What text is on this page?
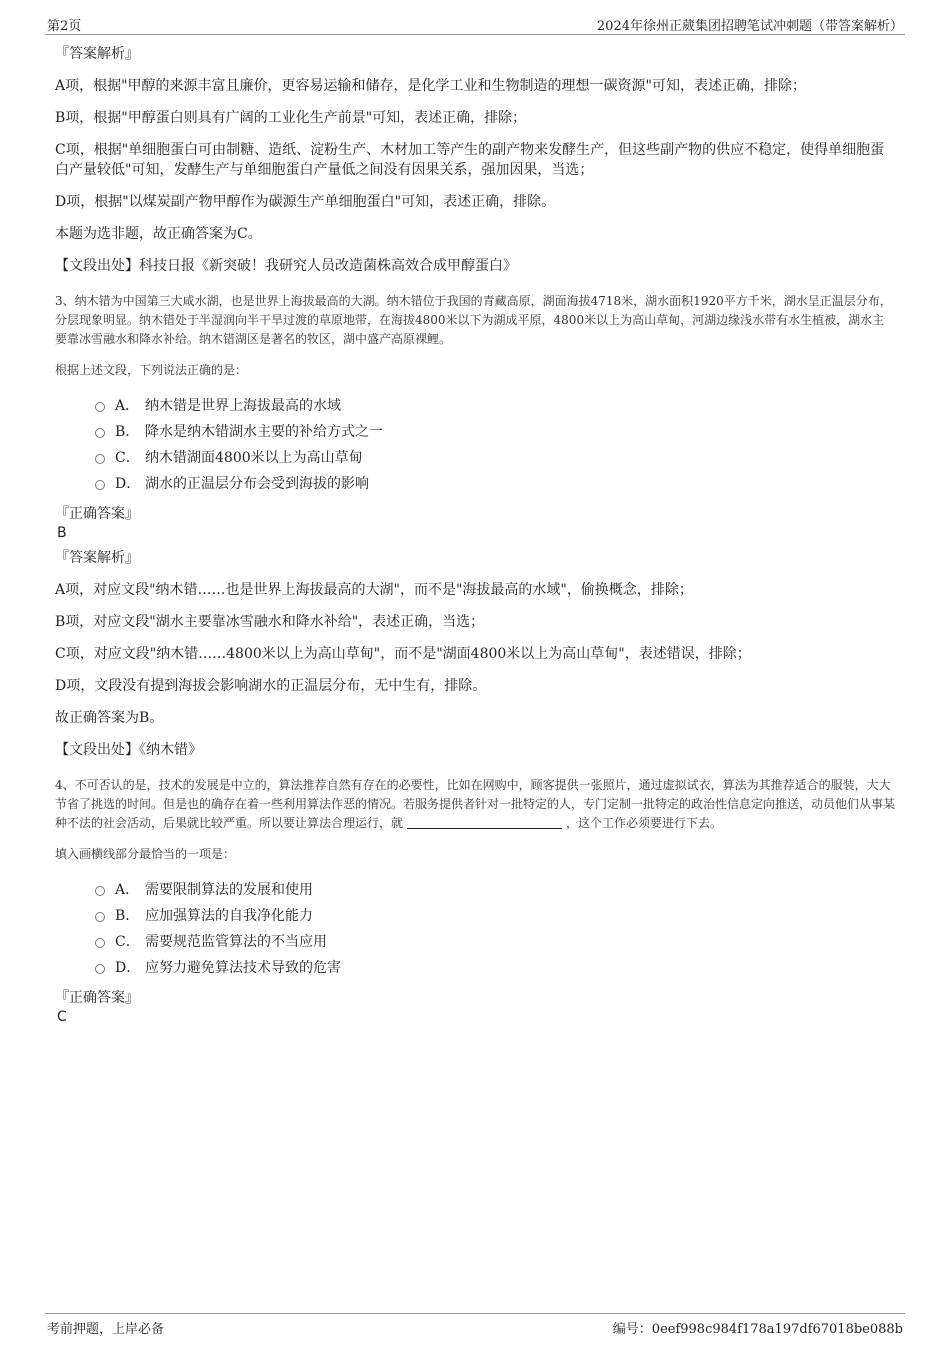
第2页	2024年徐州正葳集团招聘笔试冲刺题（带答案解析）

『答案解析』

A项，根据"甲醇的来源丰富且廉价，更容易运输和储存，是化学工业和生物制造的理想一碳资源"可知，表述正确，排除；

B项，根据"甲醇蛋白则具有广阔的工业化生产前景"可知，表述正确，排除；

C项，根据"单细胞蛋白可由制糖、造纸、淀粉生产、木材加工等产生的副产物来发酵生产，但这些副产物的供应不稳定，使得单细胞蛋白产量较低"可知，发酵生产与单细胞蛋白产量低之间没有因果关系，强加因果，当选；

D项，根据"以煤炭副产物甲醇作为碳源生产单细胞蛋白"可知，表述正确，排除。

本题为选非题，故正确答案为C。

【文段出处】科技日报《新突破！我研究人员改造菌株高效合成甲醇蛋白》

3、纳木错为中国第三大咸水湖，也是世界上海拔最高的大湖。纳木错位于我国的青藏高原，湖面海拔4718米，湖水面积1920平方千米，湖水呈正温层分布，分层现象明显。纳木错处于半湿润向半干旱过渡的草原地带，在海拔4800米以下为湖成平原，4800米以上为高山草甸，河湖边缘浅水带有水生植被，湖水主要靠冰雪融水和降水补给。纳木错湖区是著名的牧区，湖中盛产高原裸鲤。

根据上述文段，下列说法正确的是：

A． 纳木错是世界上海拔最高的水域
B． 降水是纳木错湖水主要的补给方式之一
C． 纳木错湖面4800米以上为高山草甸
D． 湖水的正温层分布会受到海拔的影响

『正确答案』

B

『答案解析』

A项，对应文段"纳木错……也是世界上海拔最高的大湖"，而不是"海拔最高的水域"，偷换概念，排除；

B项，对应文段"湖水主要靠冰雪融水和降水补给"，表述正确，当选；

C项，对应文段"纳木错……4800米以上为高山草甸"，而不是"湖面4800米以上为高山草甸"，表述错误，排除；

D项，文段没有提到海拔会影响湖水的正温层分布，无中生有，排除。

故正确答案为B。

【文段出处】《纳木错》

4、不可否认的是，技术的发展是中立的，算法推荐自然有存在的必要性，比如在网购中，顾客提供一张照片，通过虚拟试衣，算法为其推荐适合的服装，大大节省了挑选的时间。但是也的确存在着一些利用算法作恶的情况。若服务提供者针对一批特定的人，专门定制一批特定的政治性信息定向推送，动员他们从事某种不法的社会活动，后果就比较严重。所以要让算法合理运行，就	，这个工作必须要进行下去。

填入画横线部分最恰当的一项是：

A． 需要限制算法的发展和使用
B． 应加强算法的自我净化能力
C． 需要规范监管算法的不当应用
D． 应努力避免算法技术导致的危害

『正确答案』

C

考前押题，上岸必备	编号：0eef998c984f178a197df67018be088b
